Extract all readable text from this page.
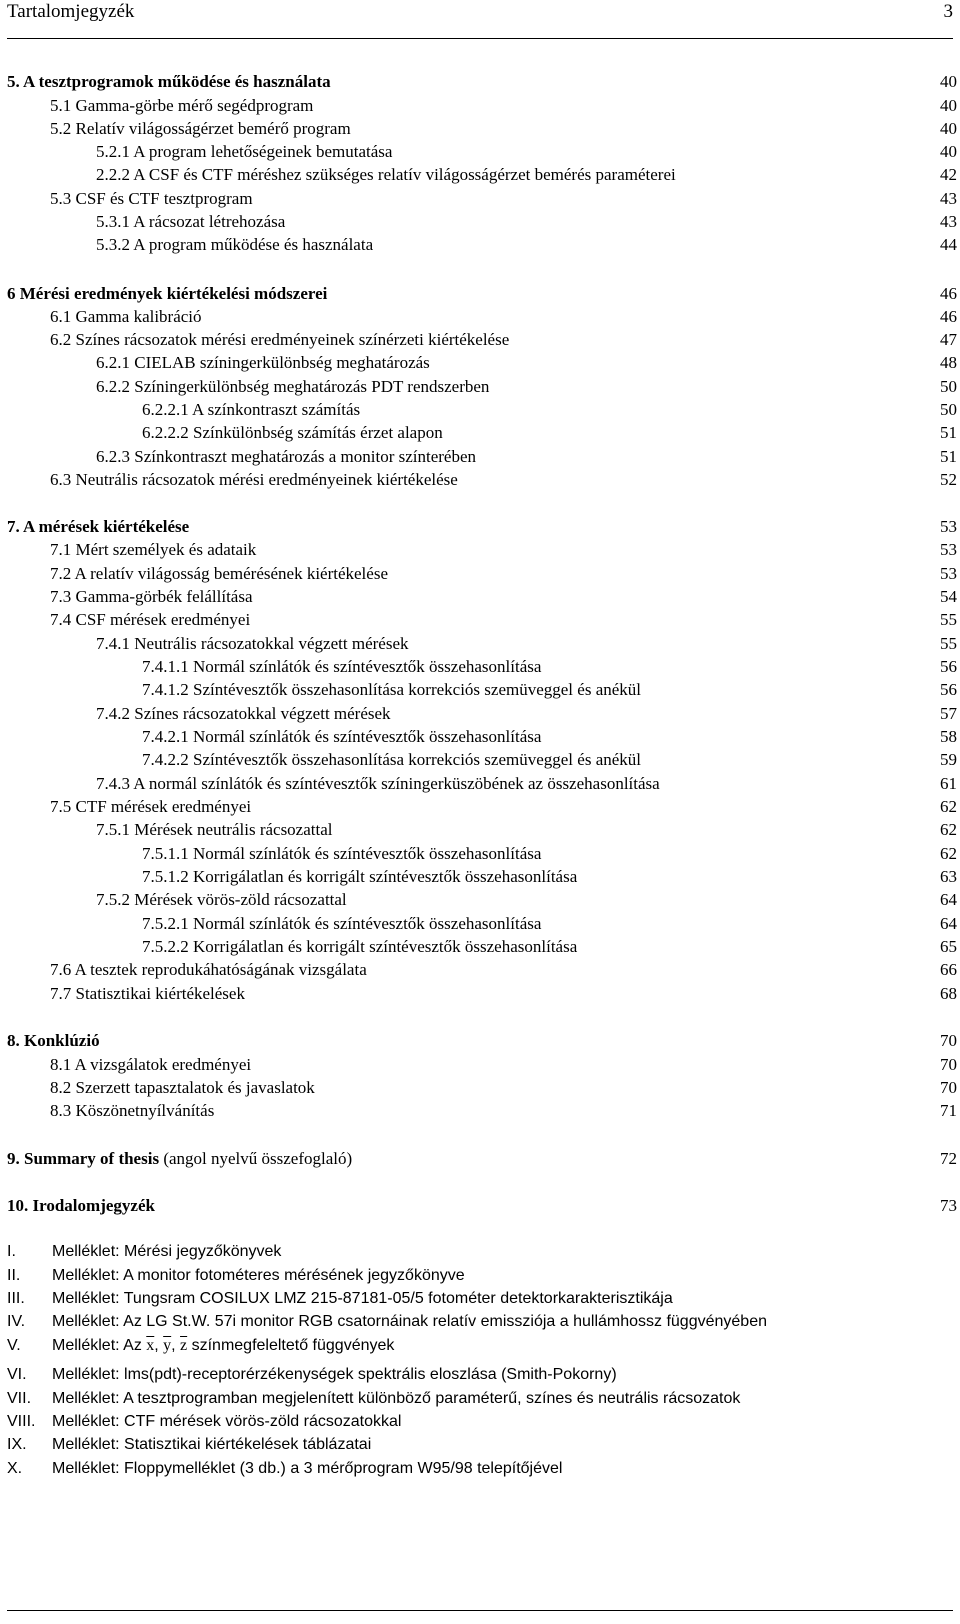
Tartalomjegyzék	3
5. A tesztprogramok működése és használata	40
5.1 Gamma-görbe mérő segédprogram	40
5.2 Relatív világosságérzet bemérő program	40
5.2.1 A program lehetőségeinek bemutatása	40
2.2.2 A CSF és CTF méréshez szükséges relatív világosságérzet bemérés paraméterei	42
5.3 CSF és CTF tesztprogram	43
5.3.1 A rácsozat létrehozása	43
5.3.2 A program működése és használata	44
6 Mérési eredmények kiértékelési módszerei	46
6.1 Gamma kalibráció	46
6.2 Színes rácsozatok mérési eredményeinek színérzeti kiértékelése	47
6.2.1 CIELAB színingerkülönbség meghatározás	48
6.2.2 Színingerkülönbség meghatározás PDT rendszerben	50
6.2.2.1 A színkontraszt számítás	50
6.2.2.2 Színkülönbség számítás érzet alapon	51
6.2.3 Színkontraszt meghatározás a monitor színterében	51
6.3 Neutrális rácsozatok mérési eredményeinek kiértékelése	52
7. A mérések kiértékelése	53
7.1 Mért személyek és adataik	53
7.2 A relatív világosság bemérésének kiértékelése	53
7.3 Gamma-görbék felállítása	54
7.4 CSF mérések eredményei	55
7.4.1 Neutrális rácsozatokkal végzett mérések	55
7.4.1.1 Normál színlátók és színtévesztők összehasonlítása	56
7.4.1.2 Színtévesztők összehasonlítása korrekciós szemüveggel és anékül	56
7.4.2 Színes rácsozatokkal végzett mérések	57
7.4.2.1 Normál színlátók és színtévesztők összehasonlítása	58
7.4.2.2 Színtévesztők összehasonlítása korrekciós szemüveggel és anékül	59
7.4.3 A normál színlátók és színtévesztők színingerküszöbének az összehasonlítása	61
7.5 CTF mérések eredményei	62
7.5.1 Mérések neutrális rácsozattal	62
7.5.1.1 Normál színlátók és színtévesztők összehasonlítása	62
7.5.1.2 Korrigálatlan és korrigált színtévesztők összehasonlítása	63
7.5.2 Mérések vörös-zöld rácsozattal	64
7.5.2.1 Normál színlátók és színtévesztők összehasonlítása	64
7.5.2.2 Korrigálatlan és korrigált színtévesztők összehasonlítása	65
7.6 A tesztek reprodukáhatóságának vizsgálata	66
7.7 Statisztikai kiértékelések	68
8. Konklúzió	70
8.1 A vizsgálatok eredményei	70
8.2 Szerzett tapasztalatok és javaslatok	70
8.3 Köszönetnyílvánítás	71
9. Summary of thesis (angol nyelvű összefoglaló)	72
10. Irodalomjegyzék	73
I. Melléklet: Mérési jegyzőkönyvek
II. Melléklet: A monitor fotométeres mérésének jegyzőkönyve
III. Melléklet: Tungsram COSILUX LMZ 215-87181-05/5 fotométer detektorkarakterisztikája
IV. Melléklet: Az LG St.W. 57i monitor RGB csatornáinak relatív emissziója a hullámhossz függvényében
V. Melléklet: Az $\overline{x}$, $\overline{y}$, $\overline{z}$ színmegfeleltető függvények
VI. Melléklet: lms(pdt)-receptorérzékenységek spektrális eloszlása (Smith-Pokorny)
VII. Melléklet: A tesztprogramban megjelenített különböző paraméterű, színes és neutrális rácsozatok
VIII. Melléklet: CTF mérések vörös-zöld rácsozatokkal
IX. Melléklet: Statisztikai kiértékelések táblázatai
X. Melléklet: Floppymelléklet (3 db.) a 3 mérőprogram W95/98 telepítőjével
